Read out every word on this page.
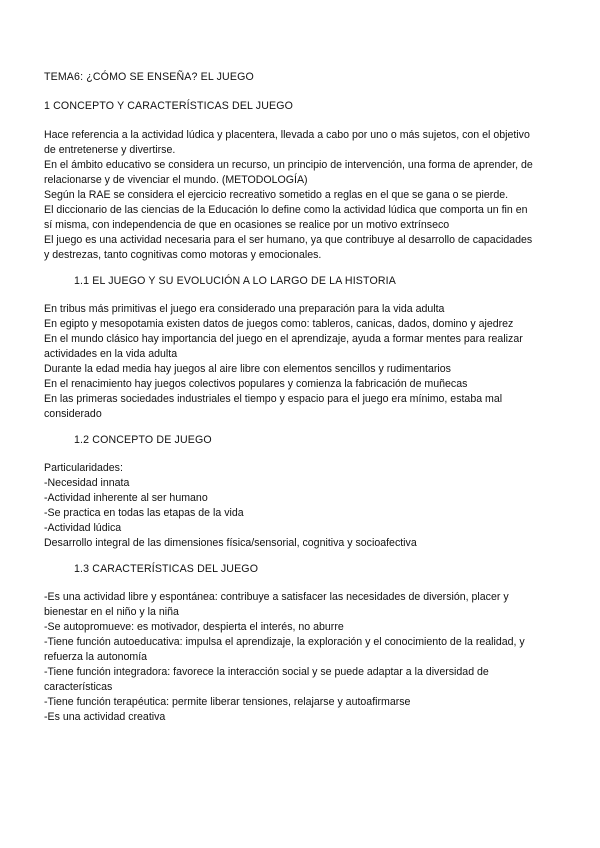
TEMA6: ¿CÓMO SE ENSEÑA? EL JUEGO
1 CONCEPTO Y CARACTERÍSTICAS DEL JUEGO
Hace referencia a la actividad lúdica y placentera, llevada a cabo por uno o más sujetos, con el objetivo
de entretenerse y divertirse.
En el ámbito educativo se considera un recurso, un principio de intervención, una forma de aprender, de
relacionarse y de vivenciar el mundo. (METODOLOGÍA)
Según la RAE se considera el ejercicio recreativo sometido a reglas en el que se gana o se pierde.
El diccionario de las ciencias de la Educación lo define como la actividad lúdica que comporta un fin en
sí misma, con independencia de que en ocasiones se realice por un motivo extrínseco
El juego es una actividad necesaria para el ser humano, ya que contribuye al desarrollo de capacidades
y destrezas, tanto cognitivas como motoras y emocionales.
1.1 EL JUEGO Y SU EVOLUCIÓN A LO LARGO DE LA HISTORIA
En tribus más primitivas el juego era considerado una preparación para la vida adulta
En egipto y mesopotamia existen datos de juegos como: tableros, canicas, dados, domino y ajedrez
En el mundo clásico hay importancia del juego en el aprendizaje, ayuda a formar mentes para realizar
actividades en la vida adulta
Durante la edad media hay juegos al aire libre con elementos sencillos y rudimentarios
En el renacimiento hay juegos colectivos populares y comienza la fabricación de muñecas
En las primeras sociedades industriales el tiempo y espacio para el juego era mínimo, estaba mal
considerado
1.2 CONCEPTO DE JUEGO
Particularidades:
-Necesidad innata
-Actividad inherente al ser humano
-Se practica en todas las etapas de la vida
-Actividad lúdica
Desarrollo integral de las dimensiones física/sensorial, cognitiva y socioafectiva
1.3 CARACTERÍSTICAS DEL JUEGO
-Es una actividad libre y espontánea: contribuye a satisfacer las necesidades de diversión, placer y
bienestar en el niño y la niña
-Se autopromueve: es motivador, despierta el interés, no aburre
-Tiene función autoeducativa: impulsa el aprendizaje, la exploración y el conocimiento de la realidad, y
refuerza la autonomía
-Tiene función integradora: favorece la interacción social y se puede adaptar a la diversidad de
características
-Tiene función terapéutica: permite liberar tensiones, relajarse y autoafirmarse
-Es una actividad creativa
